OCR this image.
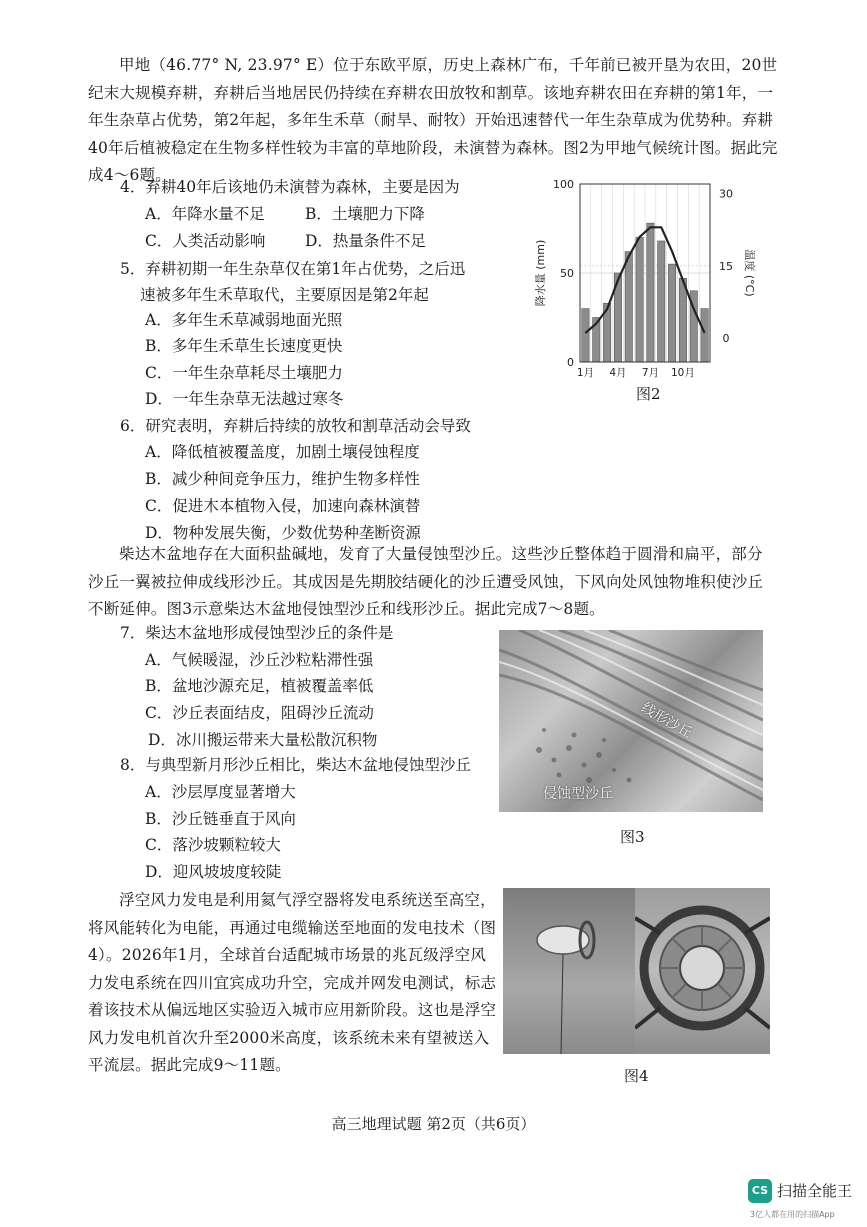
甲地（46.77° N, 23.97° E）位于东欧平原，历史上森林广布，千年前已被开垦为农田，20世纪末大规模弃耕，弃耕后当地居民仍持续在弃耕农田放牧和割草。该地弃耕农田在弃耕的第1年，一年生杂草占优势，第2年起，多年生禾草（耐旱、耐牧）开始迅速替代一年生杂草成为优势种。弃耕40年后植被稳定在生物多样性较为丰富的草地阶段，未演替为森林。图2为甲地气候统计图。据此完成4～6题。
4．弃耕40年后该地仍未演替为森林，主要是因为
A．年降水量不足	B．土壤肥力下降
C．人类活动影响	D．热量条件不足
5．弃耕初期一年生杂草仅在第1年占优势，之后迅
速被多年生禾草取代，主要原因是第2年起
A．多年生禾草减弱地面光照
B．多年生禾草生长速度更快
C．一年生杂草耗尽土壤肥力
D．一年生杂草无法越过寒冬
0
50
100
0
15
30
1月 4月 7月 10月
降水量 (mm)	温度 (°C)
图2
6．研究表明，弃耕后持续的放牧和割草活动会导致
A．降低植被覆盖度，加剧土壤侵蚀程度
B．减少种间竞争压力，维护生物多样性
C．促进木本植物入侵，加速向森林演替
D．物种发展失衡，少数优势种垄断资源
柴达木盆地存在大面积盐碱地，发育了大量侵蚀型沙丘。这些沙丘整体趋于圆滑和扁平，部分沙丘一翼被拉伸成线形沙丘。其成因是先期胶结硬化的沙丘遭受风蚀，下风向处风蚀物堆积使沙丘不断延伸。图3示意柴达木盆地侵蚀型沙丘和线形沙丘。据此完成7～8题。
7．柴达木盆地形成侵蚀型沙丘的条件是
A．气候暖湿，沙丘沙粒粘滞性强
B．盆地沙源充足，植被覆盖率低
C．沙丘表面结皮，阻碍沙丘流动
D．冰川搬运带来大量松散沉积物
8．与典型新月形沙丘相比，柴达木盆地侵蚀型沙丘
A．沙层厚度显著增大
B．沙丘链垂直于风向
C．落沙坡颗粒较大
D．迎风坡坡度较陡
线形沙丘
侵蚀型沙丘
图3
浮空风力发电是利用氦气浮空器将发电系统送至高空，将风能转化为电能，再通过电缆输送至地面的发电技术（图4）。2026年1月，全球首台适配城市场景的兆瓦级浮空风力发电系统在四川宜宾成功升空，完成并网发电测试，标志着该技术从偏远地区实验迈入城市应用新阶段。这也是浮空风力发电机首次升至2000米高度，该系统未来有望被送入平流层。据此完成9～11题。
图4
高三地理试题 第2页（共6页）
CS 扫描全能王
3亿人都在用的扫描App
